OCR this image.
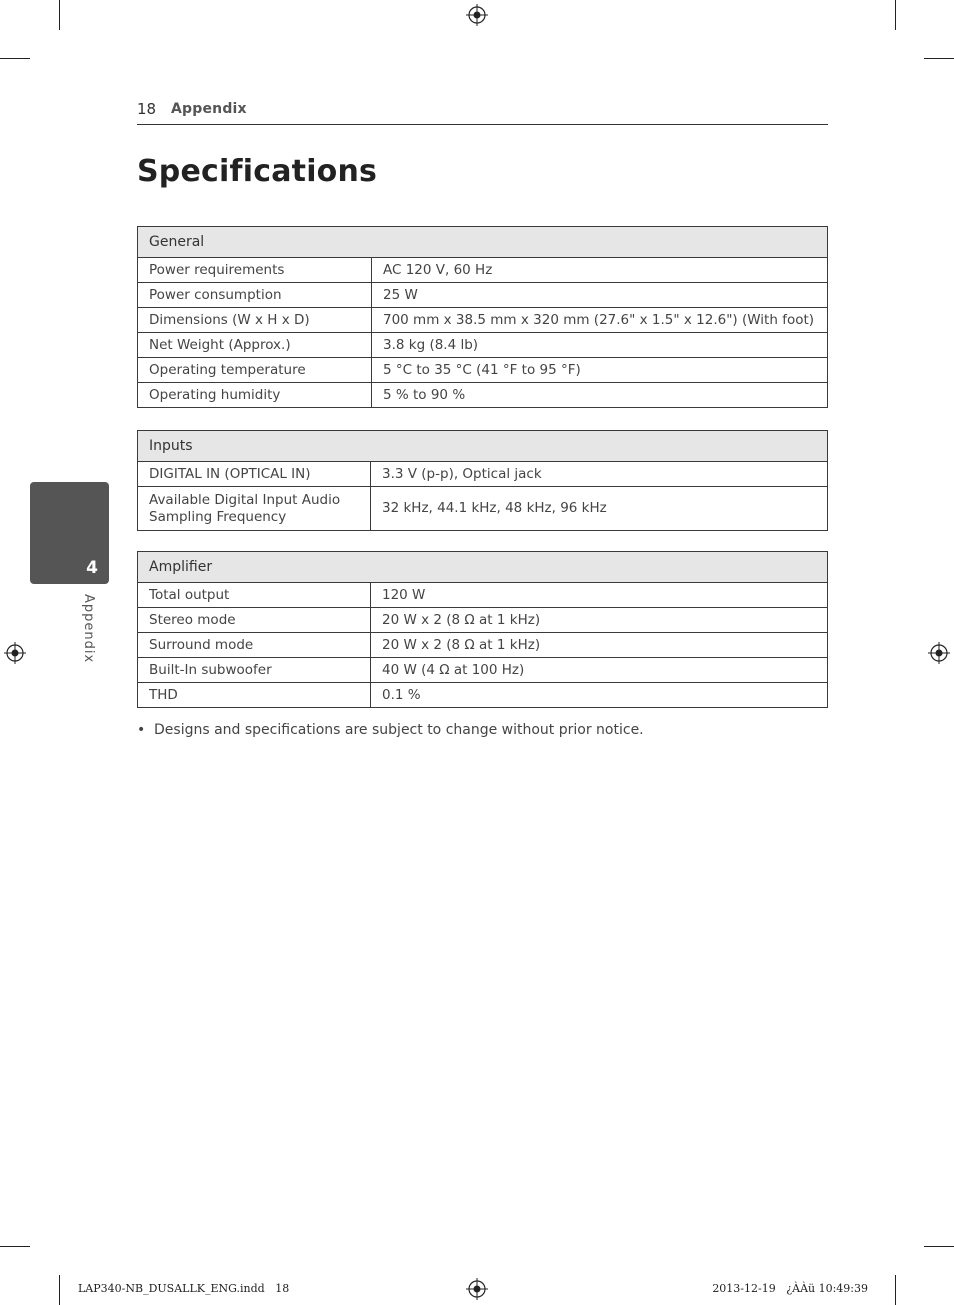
18 Appendix
Specifications
4
Appendix
General	
Power requirements	AC 120 V, 60 Hz
Power consumption	25 W
Dimensions (W x H x D)	700 mm x 38.5 mm x 320 mm (27.6" x 1.5" x 12.6") (With foot)
Net Weight (Approx.)	3.8 kg (8.4 lb)
Operating temperature	5 °C to 35 °C (41 °F to 95 °F)
Operating humidity	5 % to 90 %
Inputs	
DIGITAL IN (OPTICAL IN)	3.3 V (p-p), Optical jack
Available Digital Input Audio Sampling Frequency	32 kHz, 44.1 kHz, 48 kHz, 96 kHz
Amplifier	
Total output	120 W
Stereo mode	20 W x 2 (8 Ω at 1 kHz)
Surround mode	20 W x 2 (8 Ω at 1 kHz)
Built-In subwoofer	40 W (4 Ω at 100 Hz)
THD	0.1 %
• Designs and specifications are subject to change without prior notice.
LAP340-NB_DUSALLK_ENG.indd   18	2013-12-19   ¿ÀÀü 10:49:39
